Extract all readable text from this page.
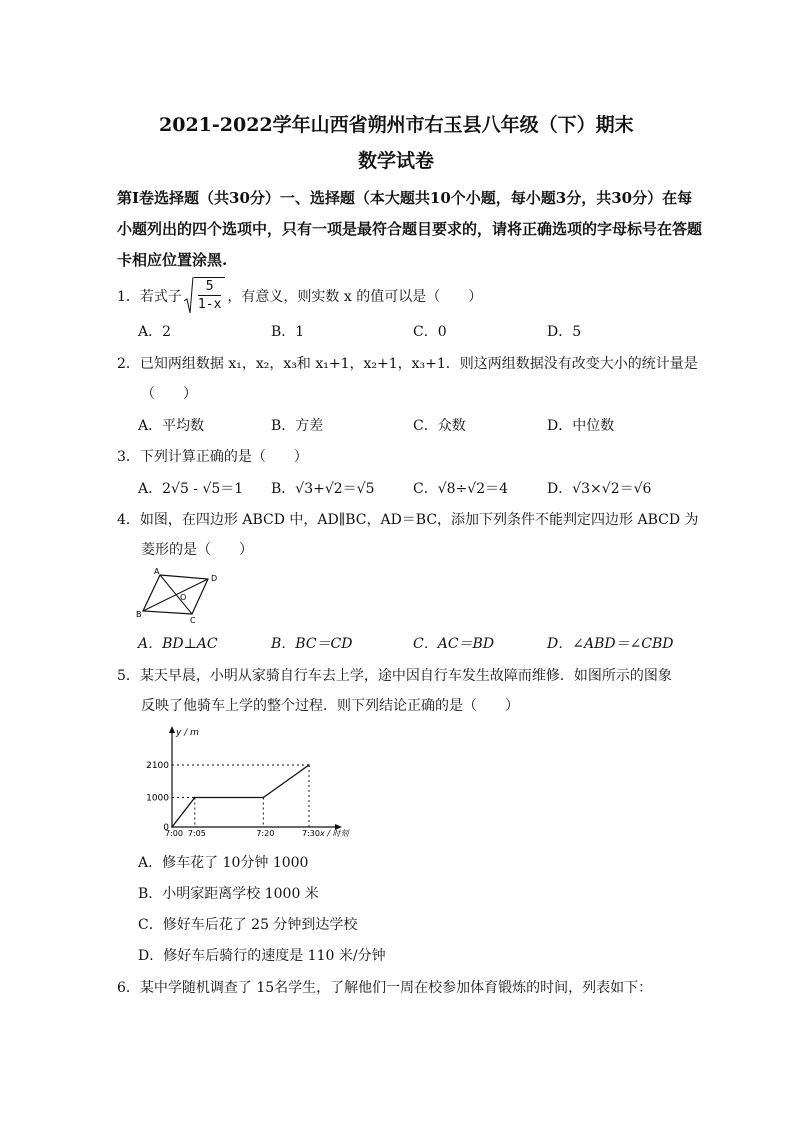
2021-2022学年山西省朔州市右玉县八年级（下）期末
数学试卷
第Ⅰ卷选择题（共30分）一、选择题（本大题共10个小题，每小题3分，共30分）在每
小题列出的四个选项中，只有一项是最符合题目要求的，请将正确选项的字母标号在答题
卡相应位置涂黑.
1．若式子
5
1-x ，有意义，则实数 x 的值可以是（　　）
A．2	B．1	C．0	D．5
2．已知两组数据 x₁，x₂，x₃和 x₁+1，x₂+1，x₃+1．则这两组数据没有改变大小的统计量是
（　　）
A．平均数	B．方差	C．众数	D．中位数
3．下列计算正确的是（　　）
A．2√5 - √5＝1 B．√3+√2＝√5	C．√8÷√2＝4	D．√3×√2＝√6
4．如图，在四边形 ABCD 中，AD∥BC，AD＝BC，添加下列条件不能判定四边形 ABCD 为
菱形的是（　　）
A
D
B
C
O
A．BD⊥AC	B．BC＝CD	C．AC＝BD	D．∠ABD＝∠CBD
5．某天早晨，小明从家骑自行车去上学，途中因自行车发生故障而维修．如图所示的图象
反映了他骑车上学的整个过程．则下列结论正确的是（　　）
y / m
x / 时刻
7:00 7:05	7:20	7:30
0
1000
2100
A．修车花了 10分钟 1000
B．小明家距离学校 1000 米
C．修好车后花了 25 分钟到达学校
D．修好车后骑行的速度是 110 米/分钟
6．某中学随机调查了 15名学生，了解他们一周在校参加体育锻炼的时间，列表如下：
